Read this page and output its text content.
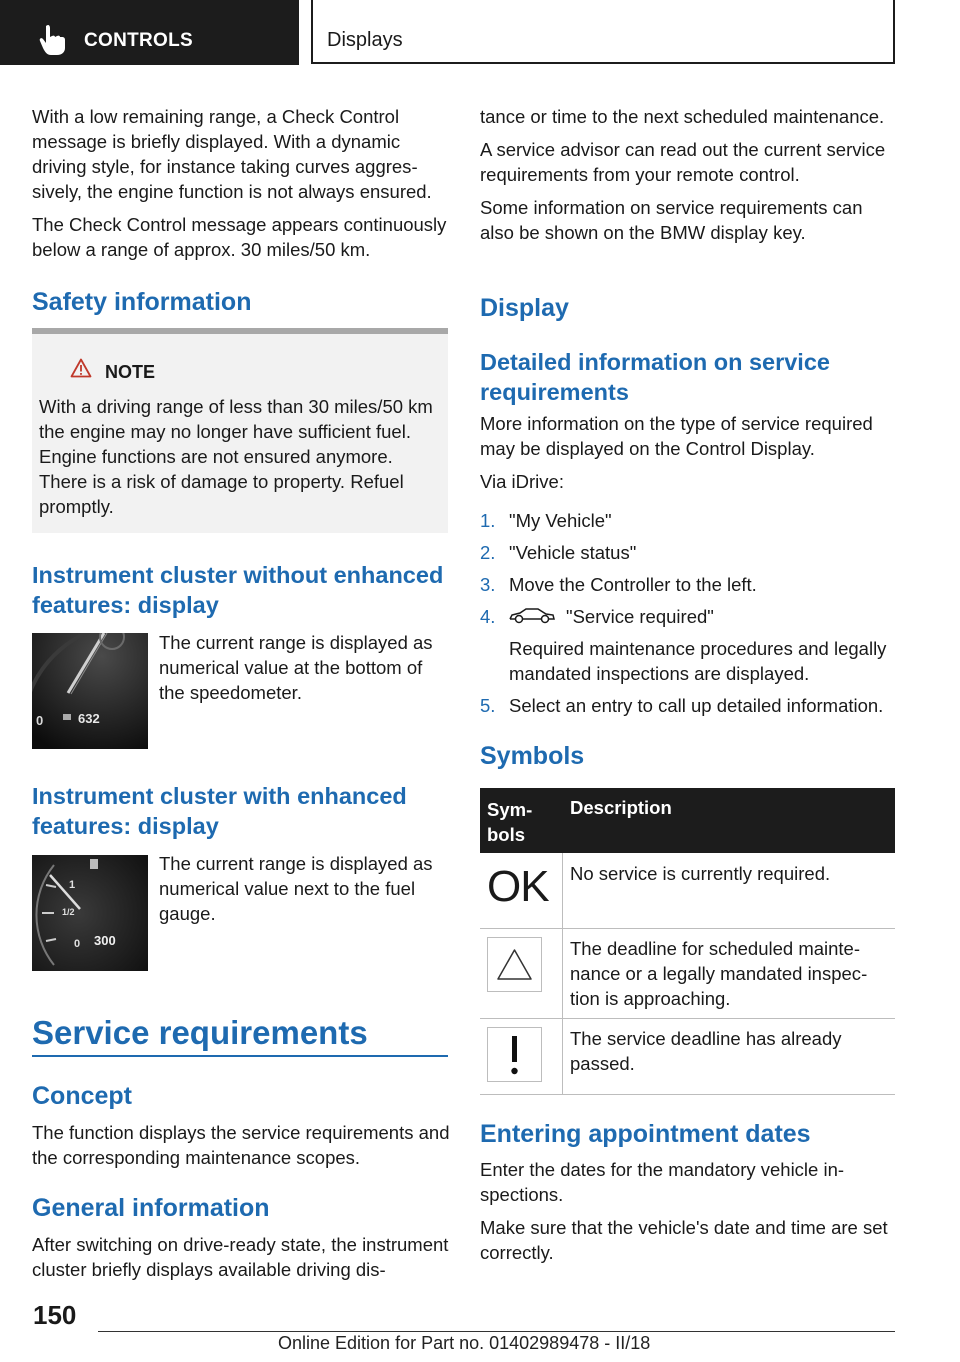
CONTROLS	Displays

With a low remaining range, a Check Control message is briefly displayed. With a dynamic driving style, for instance taking curves aggressively, the engine function is not always ensured.

The Check Control message appears continuously below a range of approx. 30 miles/50 km.

Safety information
NOTE
With a driving range of less than 30 miles/50 km the engine may no longer have sufficient fuel. Engine functions are not ensured anymore. There is a risk of damage to property. Refuel promptly.
Instrument cluster without enhanced features: display
0	632
The current range is displayed as numerical value at the bottom of the speedometer.
Instrument cluster with enhanced features: display
1
1/2
0 300
The current range is displayed as numerical value next to the fuel gauge.
Service requirements
Concept
The function displays the service requirements and the corresponding maintenance scopes.
General information
After switching on drive-ready state, the instrument cluster briefly displays available driving dis-

tance or time to the next scheduled maintenance.

A service advisor can read out the current service requirements from your remote control.

Some information on service requirements can also be shown on the BMW display key.

Display
Detailed information on service requirements
More information on the type of service required may be displayed on the Control Display.
Via iDrive:
1. "My Vehicle"
2. "Vehicle status"
3. Move the Controller to the left.
4.	"Service required"
Required maintenance procedures and legally mandated inspections are displayed.
5. Select an entry to call up detailed information.
Symbols
Symbols
Description
OK No service is currently required.
The deadline for scheduled maintenance or a legally mandated inspection is approaching.
The service deadline has already passed.
Entering appointment dates

Enter the dates for the mandatory vehicle inspections.

Make sure that the vehicle's date and time are set correctly.

150
Online Edition for Part no. 01402989478 - II/18
